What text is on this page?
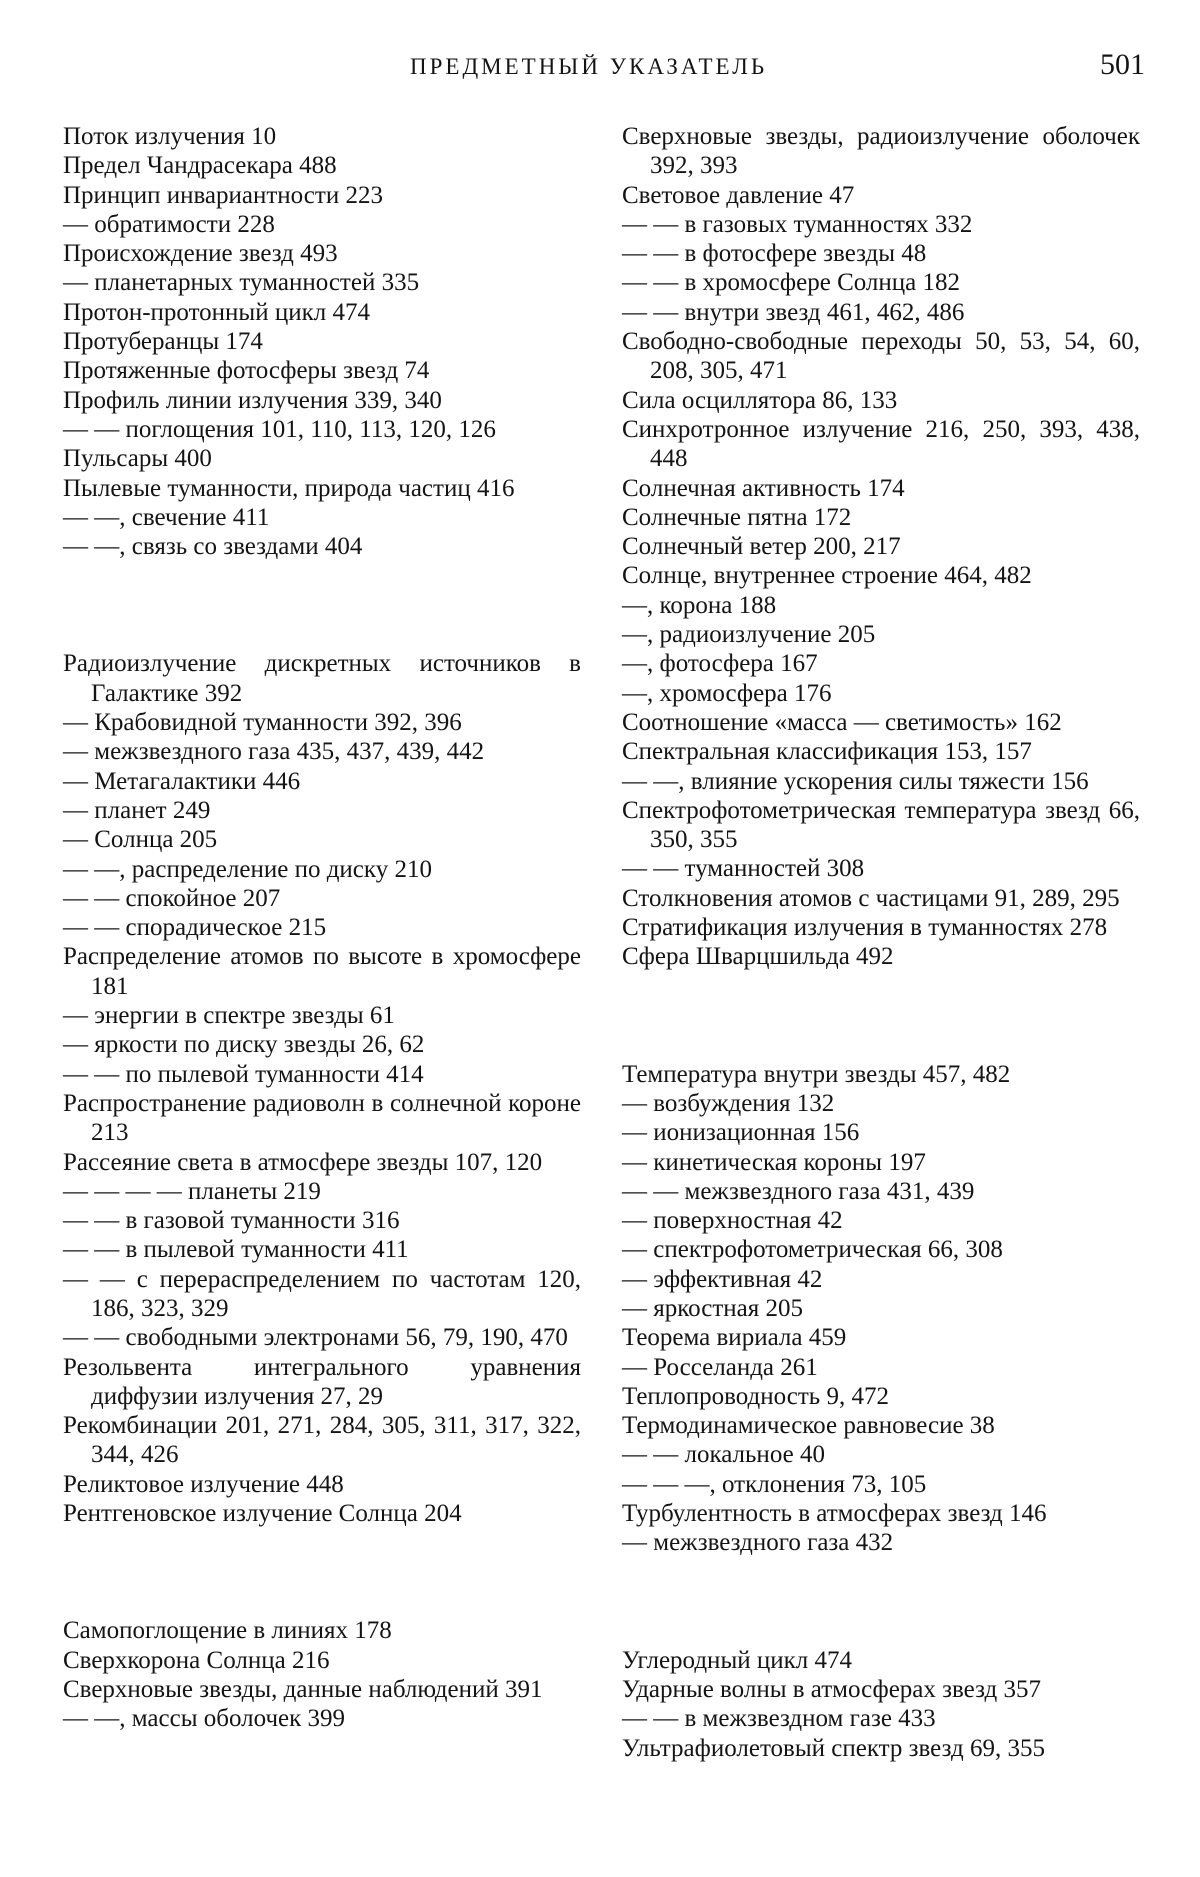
ПРЕДМЕТНЫЙ УКАЗАТЕЛЬ	501

Поток излучения 10

Предел Чандрасекара 488

Принцип инвариантности 223

— обратимости 228

Происхождение звезд 493

— планетарных туманностей 335

Протон-протонный цикл 474

Протуберанцы 174

Протяженные фотосферы звезд 74

Профиль линии излучения 339, 340

— — поглощения 101, 110, 113, 120, 126

Пульсары 400

Пылевые туманности, природа частиц 416

— —, свечение 411

— —, связь со звездами 404

Радиоизлучение дискретных источников в Галактике 392

— Крабовидной туманности 392, 396

— межзвездного газа 435, 437, 439, 442

— Метагалактики 446

— планет 249

— Солнца 205

— —, распределение по диску 210

— — спокойное 207

— — спорадическое 215

Распределение атомов по высоте в хромосфере 181

— энергии в спектре звезды 61

— яркости по диску звезды 26, 62

— — по пылевой туманности 414

Распространение радиоволн в солнечной короне 213

Рассеяние света в атмосфере звезды 107, 120

— — — — планеты 219

— — в газовой туманности 316

— — в пылевой туманности 411

— — с перераспределением по частотам 120, 186, 323, 329

— — свободными электронами 56, 79, 190, 470

Резольвента интегрального уравнения диффузии излучения 27, 29

Рекомбинации 201, 271, 284, 305, 311, 317, 322, 344, 426

Реликтовое излучение 448

Рентгеновское излучение Солнца 204

Самопоглощение в линиях 178

Сверхкорона Солнца 216

Сверхновые звезды, данные наблюдений 391

— —, массы оболочек 399

Сверхновые звезды, радиоизлучение оболочек 392, 393

Световое давление 47

— — в газовых туманностях 332

— — в фотосфере звезды 48

— — в хромосфере Солнца 182

— — внутри звезд 461, 462, 486

Свободно-свободные переходы 50, 53, 54, 60, 208, 305, 471

Сила осциллятора 86, 133

Синхротронное излучение 216, 250, 393, 438, 448

Солнечная активность 174

Солнечные пятна 172

Солнечный ветер 200, 217

Солнце, внутреннее строение 464, 482

—, корона 188

—, радиоизлучение 205

—, фотосфера 167

—, хромосфера 176

Соотношение «масса — светимость» 162

Спектральная классификация 153, 157

— —, влияние ускорения силы тяжести 156

Спектрофотометрическая температура звезд 66, 350, 355

— — туманностей 308

Столкновения атомов с частицами 91, 289, 295

Стратификация излучения в туманностях 278

Сфера Шварцшильда 492

Температура внутри звезды 457, 482

— возбуждения 132

— ионизационная 156

— кинетическая короны 197

— — межзвездного газа 431, 439

— поверхностная 42

— спектрофотометрическая 66, 308

— эффективная 42

— яркостная 205

Теорема вириала 459

— Росселанда 261

Теплопроводность 9, 472

Термодинамическое равновесие 38

— — локальное 40

— — —, отклонения 73, 105

Турбулентность в атмосферах звезд 146

— межзвездного газа 432

Углеродный цикл 474

Ударные волны в атмосферах звезд 357

— — в межзвездном газе 433

Ультрафиолетовый спектр звезд 69, 355
